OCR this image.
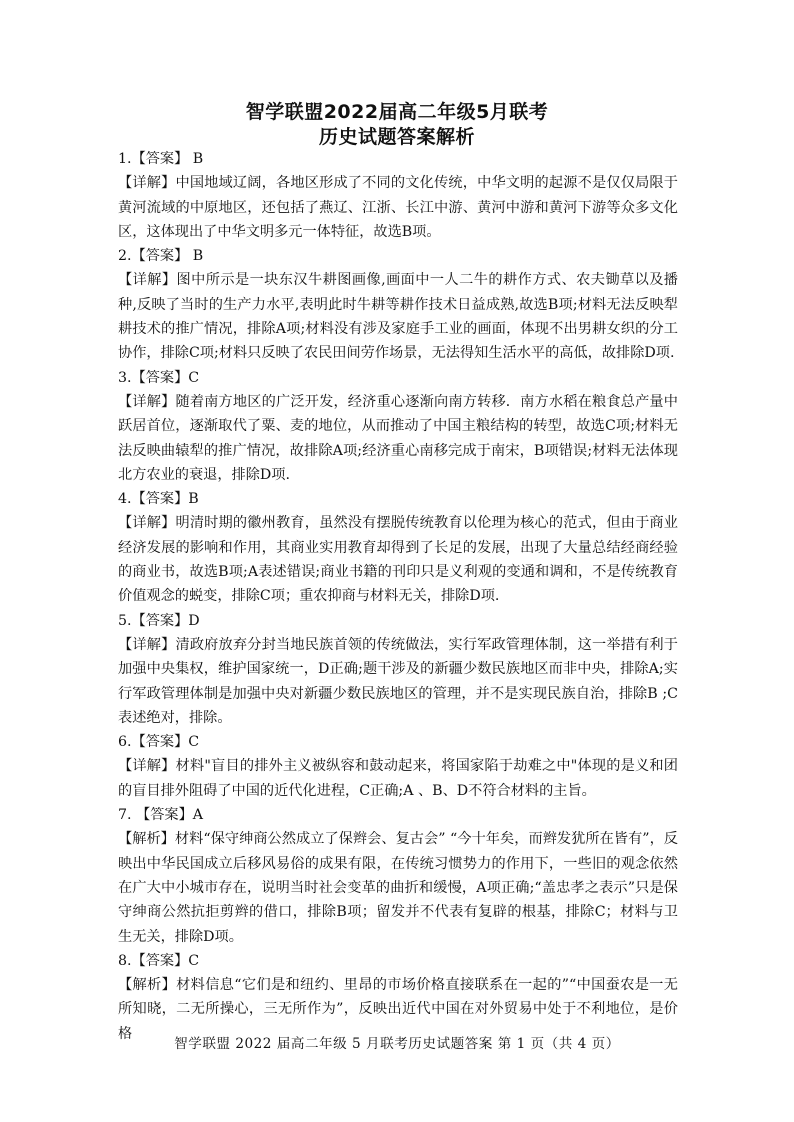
智学联盟2022届高二年级5月联考
历史试题答案解析
1.【答案】 B
【详解】中国地域辽阔，各地区形成了不同的文化传统，中华文明的起源不是仅仅局限于黄河流域的中原地区，还包括了燕辽、江浙、长江中游、黄河中游和黄河下游等众多文化区，这体现出了中华文明多元一体特征，故选B项。
2.【答案】 B
【详解】图中所示是一块东汉牛耕图画像,画面中一人二牛的耕作方式、农夫锄草以及播种,反映了当时的生产力水平,表明此时牛耕等耕作技术日益成熟,故选B项;材料无法反映犁耕技术的推广情况，排除A项;材料没有涉及家庭手工业的画面，体现不出男耕女织的分工协作，排除C项;材料只反映了农民田间劳作场景，无法得知生活水平的高低，故排除D项.
3.【答案】C
【详解】随着南方地区的广泛开发，经济重心逐渐向南方转移．南方水稻在粮食总产量中跃居首位，逐渐取代了粟、麦的地位，从而推动了中国主粮结构的转型，故选C项;材料无法反映曲辕犁的推广情况，故排除A项;经济重心南移完成于南宋，B项错误;材料无法体现北方农业的衰退，排除D项.
4.【答案】B
【详解】明清时期的徽州教育，虽然没有摆脱传统教育以伦理为核心的范式，但由于商业经济发展的影响和作用，其商业实用教育却得到了长足的发展，出现了大量总结经商经验的商业书，故选B项;A表述错误;商业书籍的刊印只是义利观的变通和调和，不是传统教育价值观念的蜕变，排除C项；重农抑商与材料无关，排除D项.
5.【答案】D
【详解】清政府放弃分封当地民族首领的传统做法，实行军政管理体制，这一举措有利于加强中央集权，维护国家统一，D正确;题干涉及的新疆少数民族地区而非中央，排除A;实行军政管理体制是加强中央对新疆少数民族地区的管理，并不是实现民族自治，排除B ;C表述绝对，排除。
6.【答案】C
【详解】材料"盲目的排外主义被纵容和鼓动起来，将国家陷于劫难之中"体现的是义和团的盲目排外阻碍了中国的近代化进程，C正确;A 、B、D不符合材料的主旨。
7. 【答案】A
【解析】材料“保守绅商公然成立了保辫会、复古会” “今十年矣，而辫发犹所在皆有”，反映出中华民国成立后移风易俗的成果有限，在传统习惯势力的作用下，一些旧的观念依然在广大中小城市存在，说明当时社会变革的曲折和缓慢，A项正确;“盖忠孝之表示”只是保守绅商公然抗拒剪辫的借口，排除B项；留发并不代表有复辟的根基，排除C；材料与卫生无关，排除D项。
8.【答案】C
【解析】材料信息“它们是和纽约、里昂的市场价格直接联系在一起的”“中国蚕农是一无所知晓，二无所操心，三无所作为”，反映出近代中国在对外贸易中处于不利地位，是价格
智学联盟 2022 届高二年级 5 月联考历史试题答案 第 1 页（共 4 页）
